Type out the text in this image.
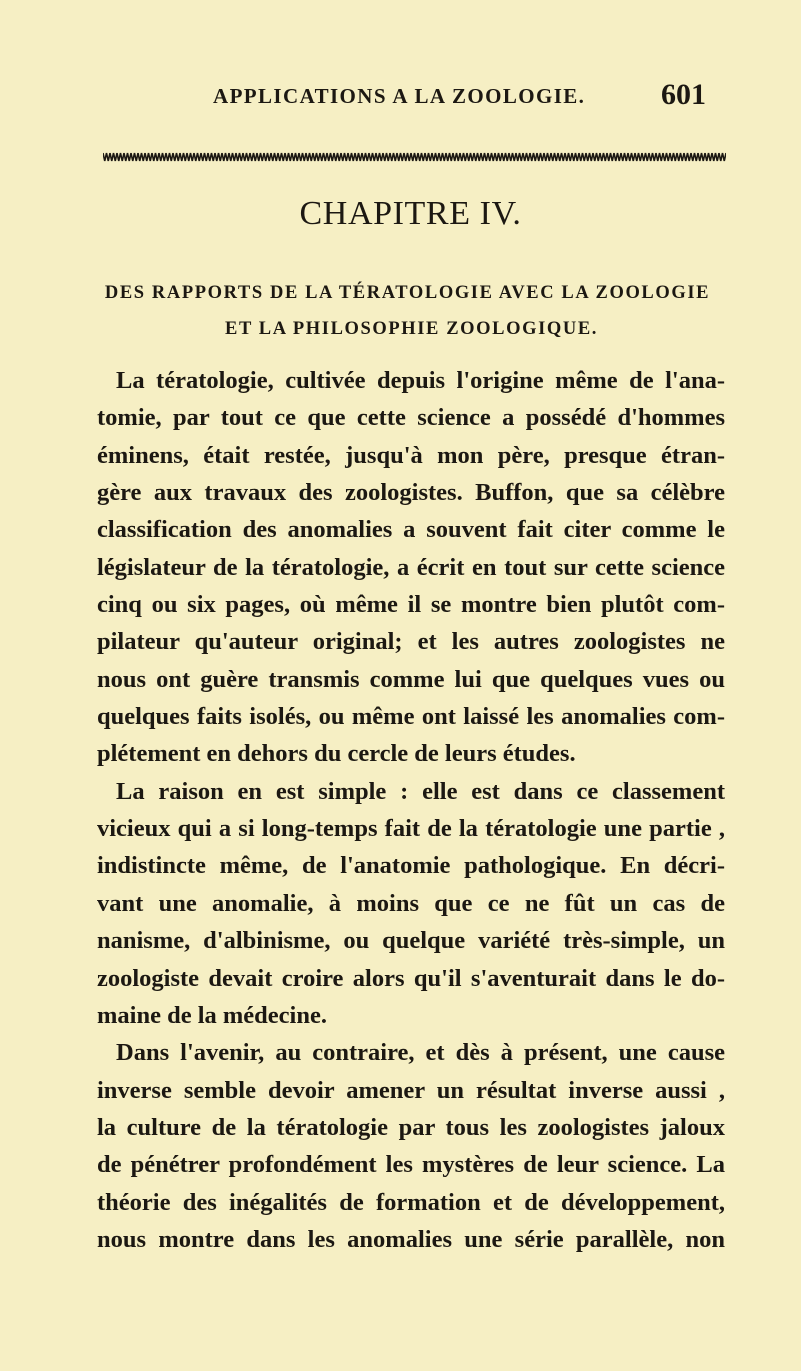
APPLICATIONS A LA ZOOLOGIE.	601
CHAPITRE IV.
DES RAPPORTS DE LA TÉRATOLOGIE AVEC LA ZOOLOGIE
ET LA PHILOSOPHIE ZOOLOGIQUE.
La tératologie, cultivée depuis l'origine même de l'ana-
tomie, par tout ce que cette science a possédé d'hommes
éminens, était restée, jusqu'à mon père, presque étran-
gère aux travaux des zoologistes. Buffon, que sa célèbre
classification des anomalies a souvent fait citer comme le
législateur de la tératologie, a écrit en tout sur cette science
cinq ou six pages, où même il se montre bien plutôt com-
pilateur qu'auteur original; et les autres zoologistes ne
nous ont guère transmis comme lui que quelques vues ou
quelques faits isolés, ou même ont laissé les anomalies com-
plétement en dehors du cercle de leurs études.
La raison en est simple : elle est dans ce classement
vicieux qui a si long-temps fait de la tératologie une partie ,
indistincte même, de l'anatomie pathologique. En décri-
vant une anomalie, à moins que ce ne fût un cas de
nanisme, d'albinisme, ou quelque variété très-simple, un
zoologiste devait croire alors qu'il s'aventurait dans le do-
maine de la médecine.
Dans l'avenir, au contraire, et dès à présent, une cause
inverse semble devoir amener un résultat inverse aussi ,
la culture de la tératologie par tous les zoologistes jaloux
de pénétrer profondément les mystères de leur science. La
théorie des inégalités de formation et de développement,
nous montre dans les anomalies une série parallèle, non
